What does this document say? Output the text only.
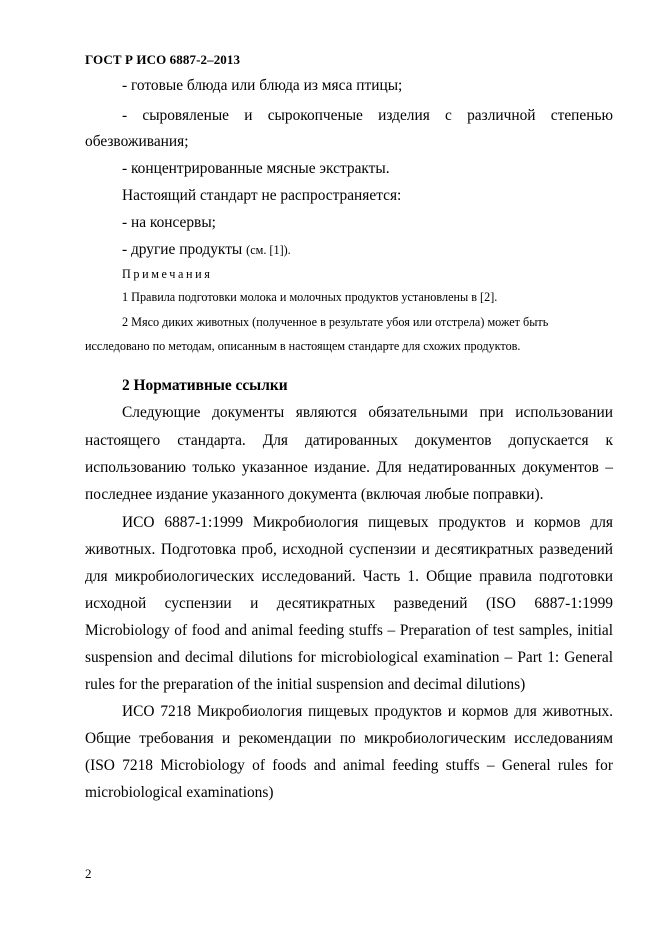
ГОСТ Р ИСО 6887-2–2013
- готовые блюда или блюда из мяса птицы;
- сыровяленые и сырокопченые изделия с различной степенью
обезвоживания;
- концентрированные мясные экстракты.
Настоящий стандарт не распространяется:
- на консервы;
- другие продукты (см. [1]).
Примечания
1 Правила подготовки молока и молочных продуктов установлены в [2].
2 Мясо диких животных (полученное в результате убоя или отстрела) может быть
исследовано по методам, описанным в настоящем стандарте для схожих продуктов.
2 Нормативные ссылки
Следующие документы являются обязательными при использовании
настоящего стандарта. Для датированных документов допускается к
использованию только указанное издание. Для недатированных документов –
последнее издание указанного документа (включая любые поправки).
ИСО 6887-1:1999 Микробиология пищевых продуктов и кормов для
животных. Подготовка проб, исходной суспензии и десятикратных разведений
для микробиологических исследований. Часть 1. Общие правила подготовки
исходной суспензии и десятикратных разведений (ISO 6887-1:1999
Microbiology of food and animal feeding stuffs – Preparation of test samples, initial
suspension and decimal dilutions for microbiological examination – Part 1: General
rules for the preparation of the initial suspension and decimal dilutions)
ИСО 7218 Микробиология пищевых продуктов и кормов для животных.
Общие требования и рекомендации по микробиологическим исследованиям
(ISO 7218 Microbiology of foods and animal feeding stuffs – General rules for
microbiological examinations)
2
